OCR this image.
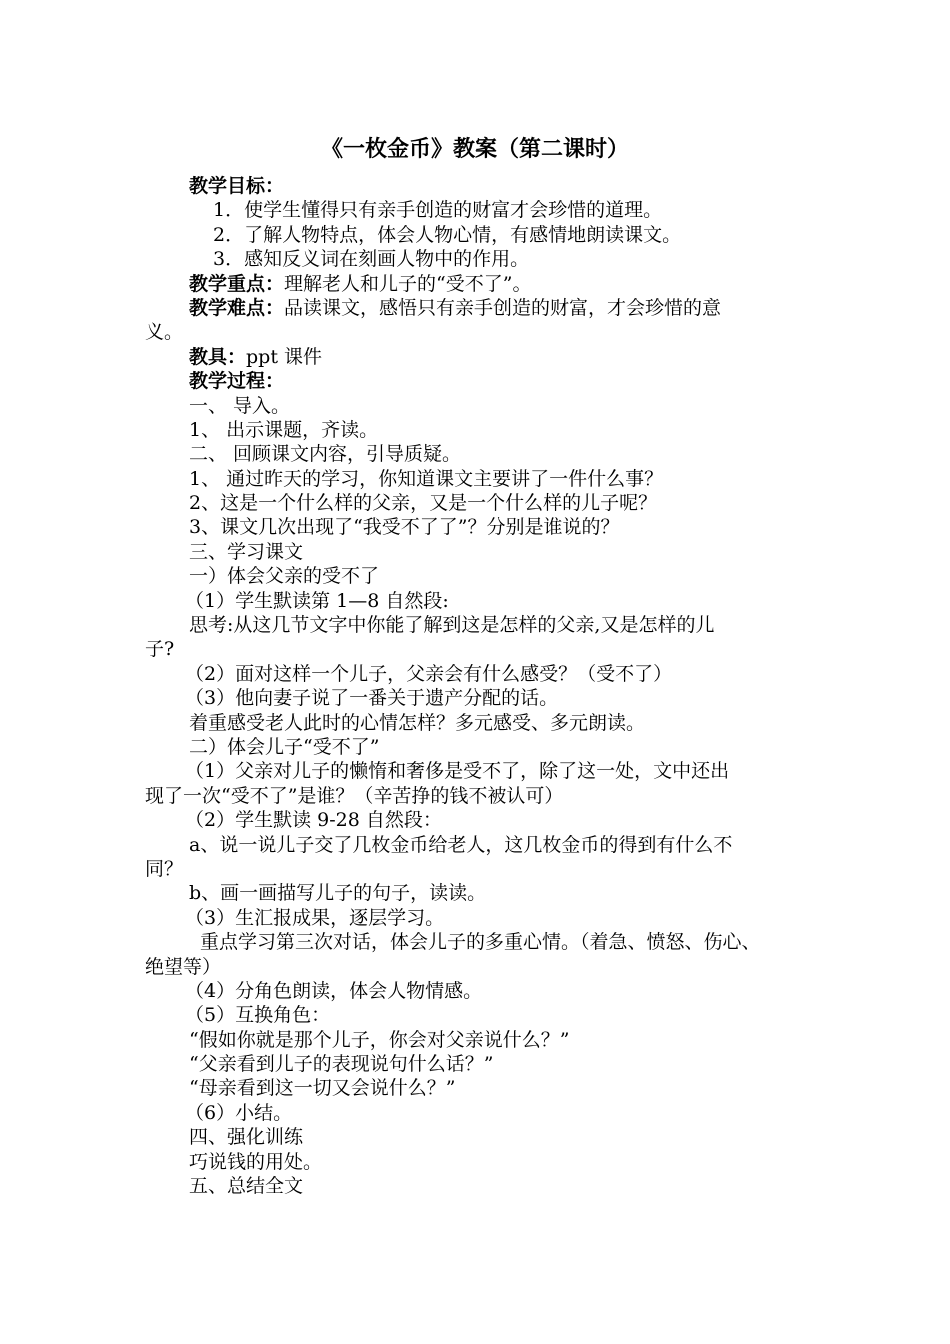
《一枚金币》教案（第二课时）
教学目标：
1．使学生懂得只有亲手创造的财富才会珍惜的道理。
2．了解人物特点，体会人物心情，有感情地朗读课文。
3．感知反义词在刻画人物中的作用。
教学重点：理解老人和儿子的“受不了”。
教学难点：品读课文，感悟只有亲手创造的财富，才会珍惜的意
义。
教具：ppt 课件
教学过程：
一、 导入。
1、 出示课题，齐读。
二、 回顾课文内容，引导质疑。
1、 通过昨天的学习，你知道课文主要讲了一件什么事？
2、这是一个什么样的父亲，又是一个什么样的儿子呢？
3、课文几次出现了“我受不了了”？分别是谁说的？
三、学习课文
一）体会父亲的受不了
（1）学生默读第 1—8 自然段:
思考:从这几节文字中你能了解到这是怎样的父亲,又是怎样的儿
子?
（2）面对这样一个儿子，父亲会有什么感受？（受不了）
（3）他向妻子说了一番关于遗产分配的话。
着重感受老人此时的心情怎样？多元感受、多元朗读。
二）体会儿子“受不了”
（1）父亲对儿子的懒惰和奢侈是受不了，除了这一处，文中还出
现了一次“受不了”是谁？（辛苦挣的钱不被认可）
（2）学生默读 9-28 自然段：
a、说一说儿子交了几枚金币给老人，这几枚金币的得到有什么不
同？
b、画一画描写儿子的句子，读读。
（3）生汇报成果，逐层学习。
重点学习第三次对话，体会儿子的多重心情。（着急、愤怒、伤心、
绝望等）
（4）分角色朗读，体会人物情感。
（5）互换角色：
“假如你就是那个儿子，你会对父亲说什么？”
“父亲看到儿子的表现说句什么话？”
“母亲看到这一切又会说什么？”
（6）小结。
四、强化训练
巧说钱的用处。
五、总结全文
